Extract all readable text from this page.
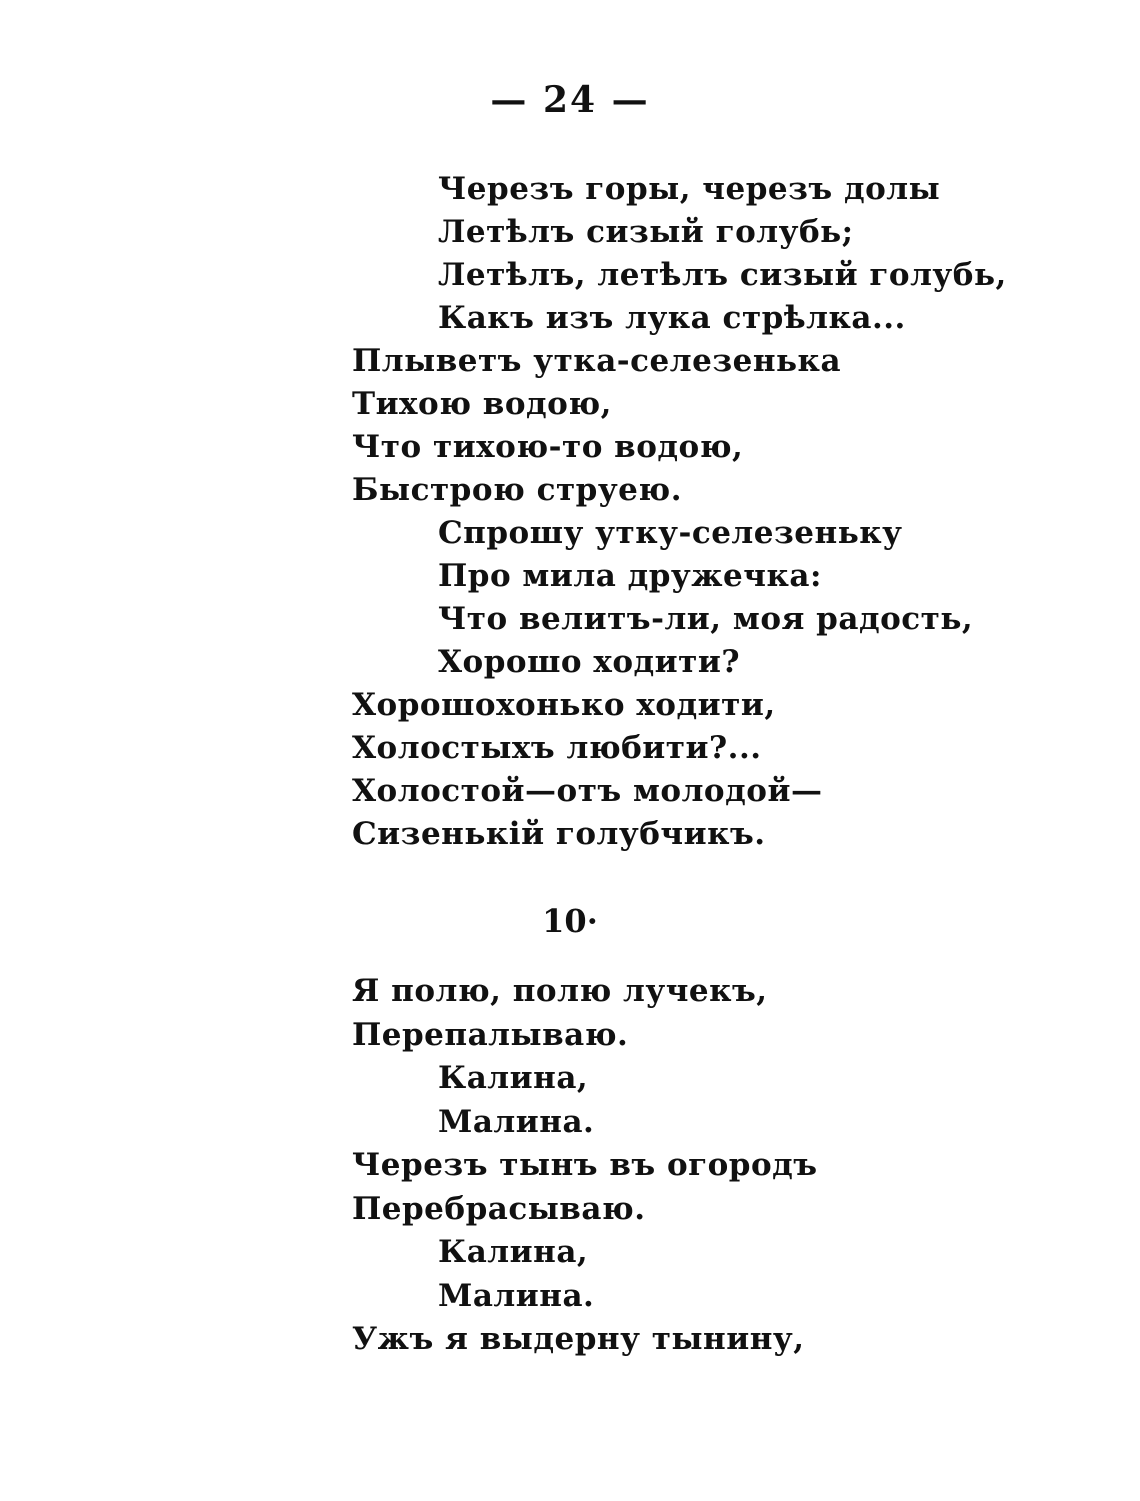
— 24 —
Черезъ горы, черезъ долы
Летѣлъ сизый голубь;
Летѣлъ, летѣлъ сизый голубь,
Какъ изъ лука стрѣлка...
Плыветъ утка-селезенька
Тихою водою,
Что тихою-то водою,
Быстрою струею.
Спрошу утку-селезеньку
Про мила дружечка:
Что велитъ-ли, моя радость,
Хорошо ходити?
Хорошохонько ходити,
Холостыхъ любити?...
Холостой—отъ молодой—
Сизенькій голубчикъ.
10·
Я полю, полю лучекъ,
Перепалываю.
Калина,
Малина.
Черезъ тынъ въ огородъ
Перебрасываю.
Калина,
Малина.
Ужъ я выдерну тынину,
